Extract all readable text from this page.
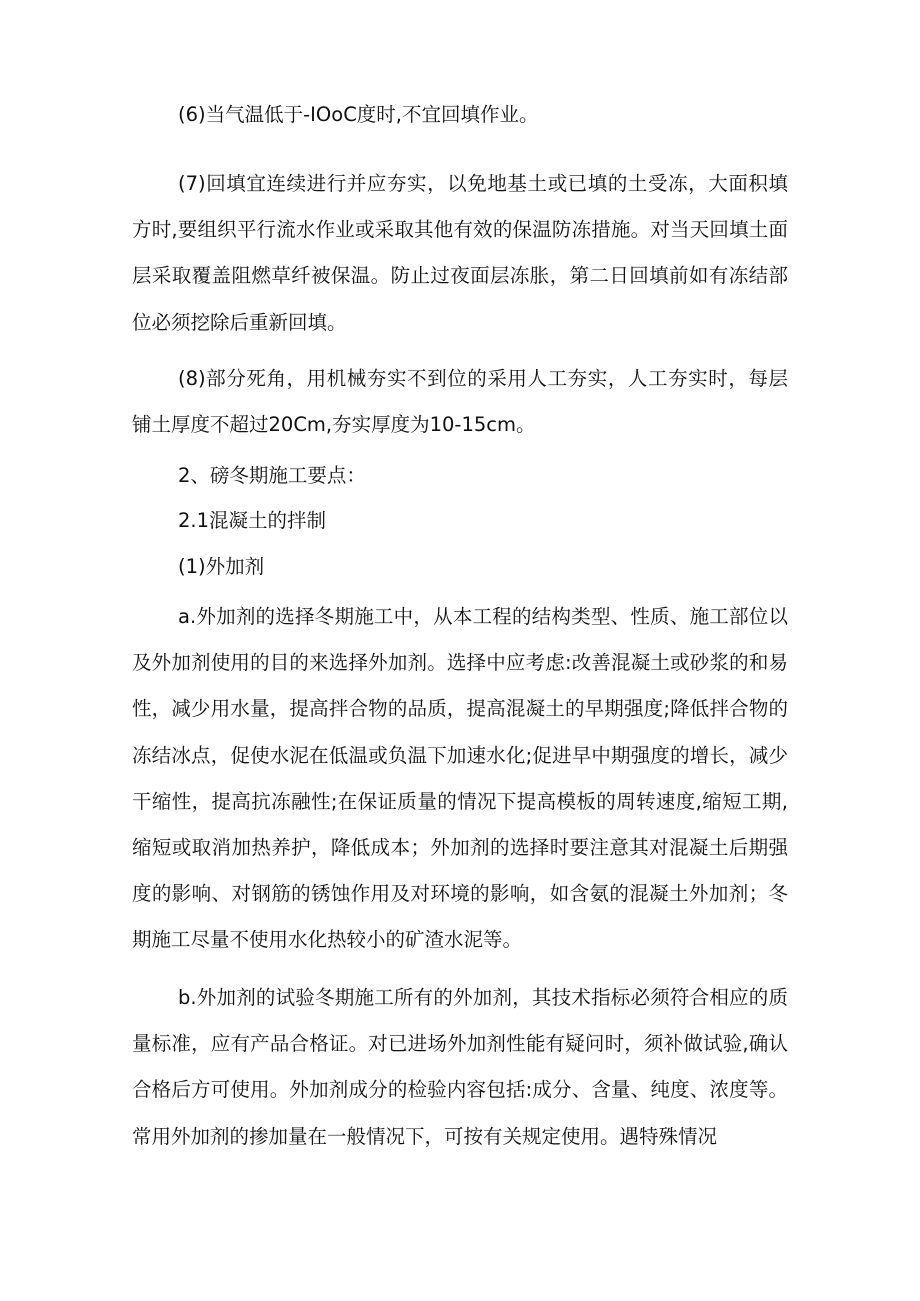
(6)当气温低于-IOoC度时,不宜回填作业。

(7)回填宜连续进行并应夯实，以免地基土或已填的土受冻，大面积填方时,要组织平行流水作业或采取其他有效的保温防冻措施。对当天回填土面层采取覆盖阻燃草纤被保温。防止过夜面层冻胀，第二日回填前如有冻结部位必须挖除后重新回填。

(8)部分死角，用机械夯实不到位的采用人工夯实，人工夯实时，每层铺土厚度不超过20Cm,夯实厚度为10-15cm。

2、磅冬期施工要点：

2.1混凝土的拌制

(1)外加剂

a.外加剂的选择冬期施工中，从本工程的结构类型、性质、施工部位以及外加剂使用的目的来选择外加剂。选择中应考虑:改善混凝土或砂浆的和易性，减少用水量，提高拌合物的品质，提高混凝土的早期强度;降低拌合物的冻结冰点，促使水泥在低温或负温下加速水化;促进早中期强度的增长，减少干缩性，提高抗冻融性;在保证质量的情况下提高模板的周转速度,缩短工期,缩短或取消加热养护，降低成本；外加剂的选择时要注意其对混凝土后期强度的影响、对钢筋的锈蚀作用及对环境的影响，如含氨的混凝土外加剂；冬期施工尽量不使用水化热较小的矿渣水泥等。

b.外加剂的试验冬期施工所有的外加剂，其技术指标必须符合相应的质量标准，应有产品合格证。对已进场外加剂性能有疑问时，须补做试验,确认合格后方可使用。外加剂成分的检验内容包括:成分、含量、纯度、浓度等。常用外加剂的掺加量在一般情况下，可按有关规定使用。遇特殊情况
